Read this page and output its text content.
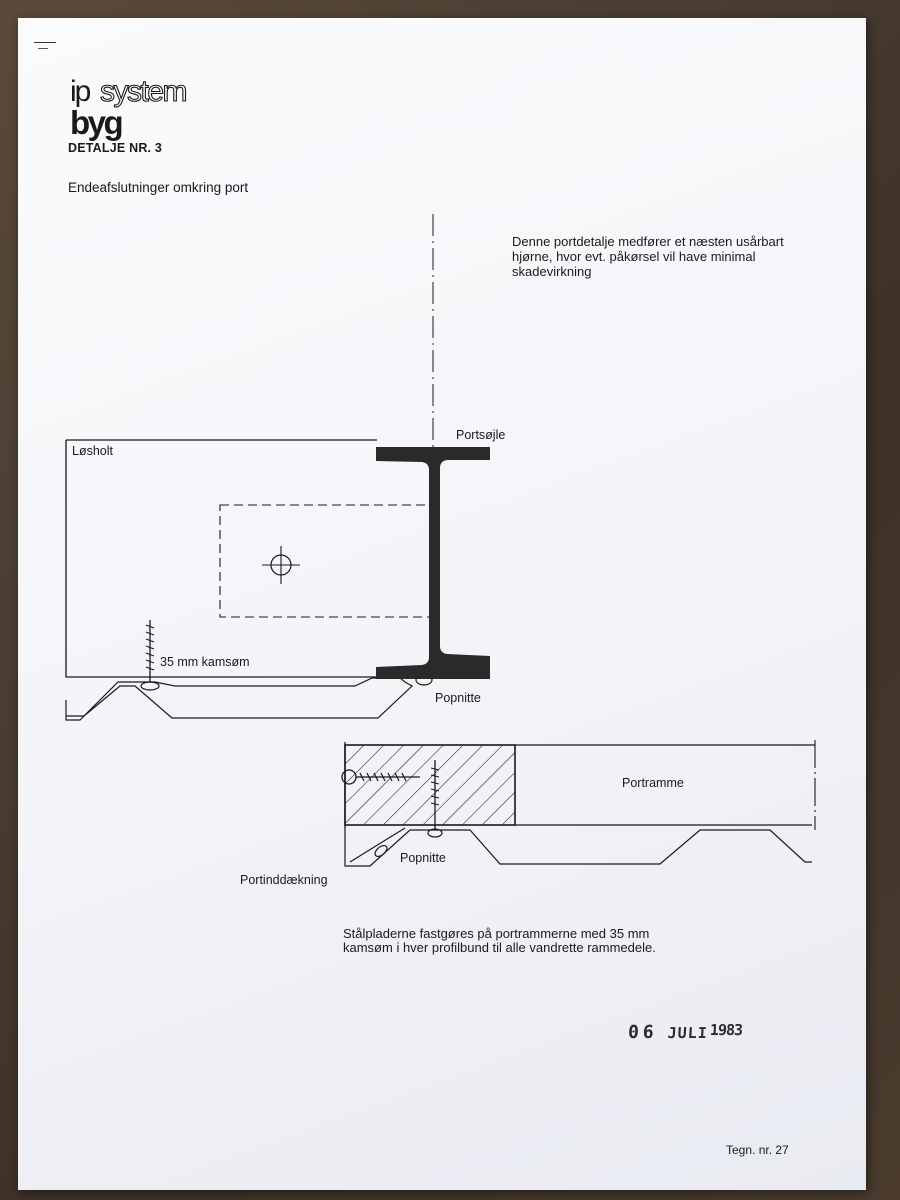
ip system
byg
DETALJE NR. 3
Endeafslutninger omkring port
Denne portdetalje medfører et næsten usårbart hjørne, hvor evt. påkørsel vil have minimal skadevirkning
Løsholt
Portsøjle
35 mm kamsøm
Popnitte
Portramme
Popnitte
Portinddækning
Stålpladerne fastgøres på portrammerne med 35 mm kamsøm i hver profilbund til alle vandrette rammedele.
06 JULI1983
Tegn. nr. 27
